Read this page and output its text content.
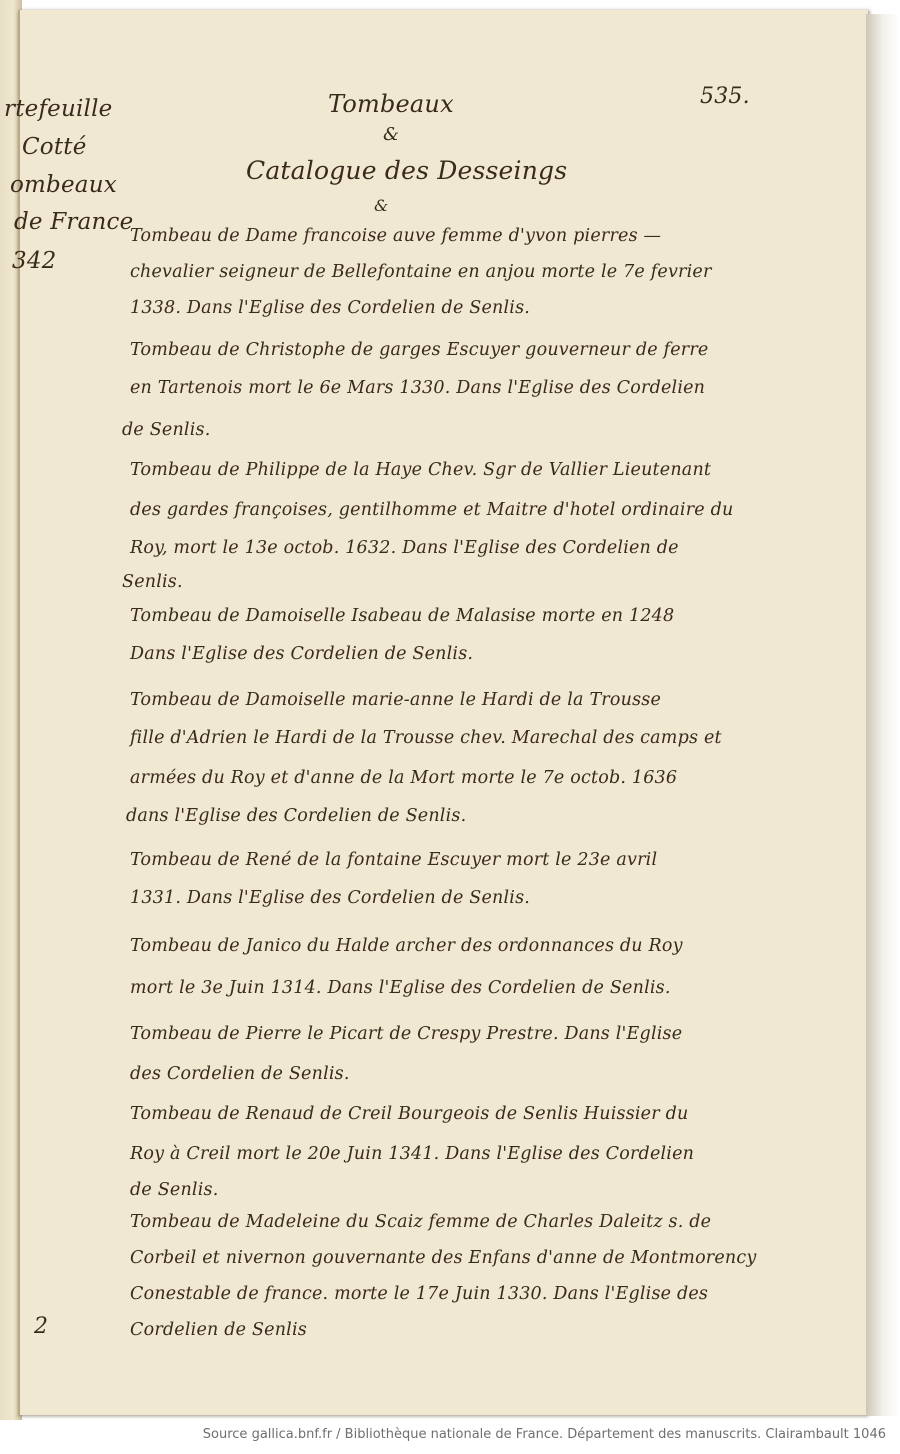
rtefeuille
Cotté
ombeaux
de France
342
535.
Tombeaux
&
Catalogue des Desseings
&
Tombeau de Dame francoise auve femme d'yvon pierres —
chevalier seigneur de Bellefontaine en anjou morte le 7e fevrier
1338. Dans l'Eglise des Cordelien de Senlis.
Tombeau de Christophe de garges Escuyer gouverneur de ferre
en Tartenois mort le 6e Mars 1330. Dans l'Eglise des Cordelien
de Senlis.
Tombeau de Philippe de la Haye Chev. Sgr de Vallier Lieutenant
des gardes françoises, gentilhomme et Maitre d'hotel ordinaire du
Roy, mort le 13e octob. 1632. Dans l'Eglise des Cordelien de
Senlis.
Tombeau de Damoiselle Isabeau de Malasise morte en 1248
Dans l'Eglise des Cordelien de Senlis.
Tombeau de Damoiselle marie-anne le Hardi de la Trousse
fille d'Adrien le Hardi de la Trousse chev. Marechal des camps et
armées du Roy et d'anne de la Mort morte le 7e octob. 1636
dans l'Eglise des Cordelien de Senlis.
Tombeau de René de la fontaine Escuyer mort le 23e avril
1331. Dans l'Eglise des Cordelien de Senlis.
Tombeau de Janico du Halde archer des ordonnances du Roy
mort le 3e Juin 1314. Dans l'Eglise des Cordelien de Senlis.
Tombeau de Pierre le Picart de Crespy Prestre. Dans l'Eglise
des Cordelien de Senlis.
Tombeau de Renaud de Creil Bourgeois de Senlis Huissier du
Roy à Creil mort le 20e Juin 1341. Dans l'Eglise des Cordelien
de Senlis.
Tombeau de Madeleine du Scaiz femme de Charles Daleitz s. de
Corbeil et nivernon gouvernante des Enfans d'anne de Montmorency
Conestable de france. morte le 17e Juin 1330. Dans l'Eglise des
Cordelien de Senlis
2
Source gallica.bnf.fr / Bibliothèque nationale de France. Département des manuscrits. Clairambault 1046
